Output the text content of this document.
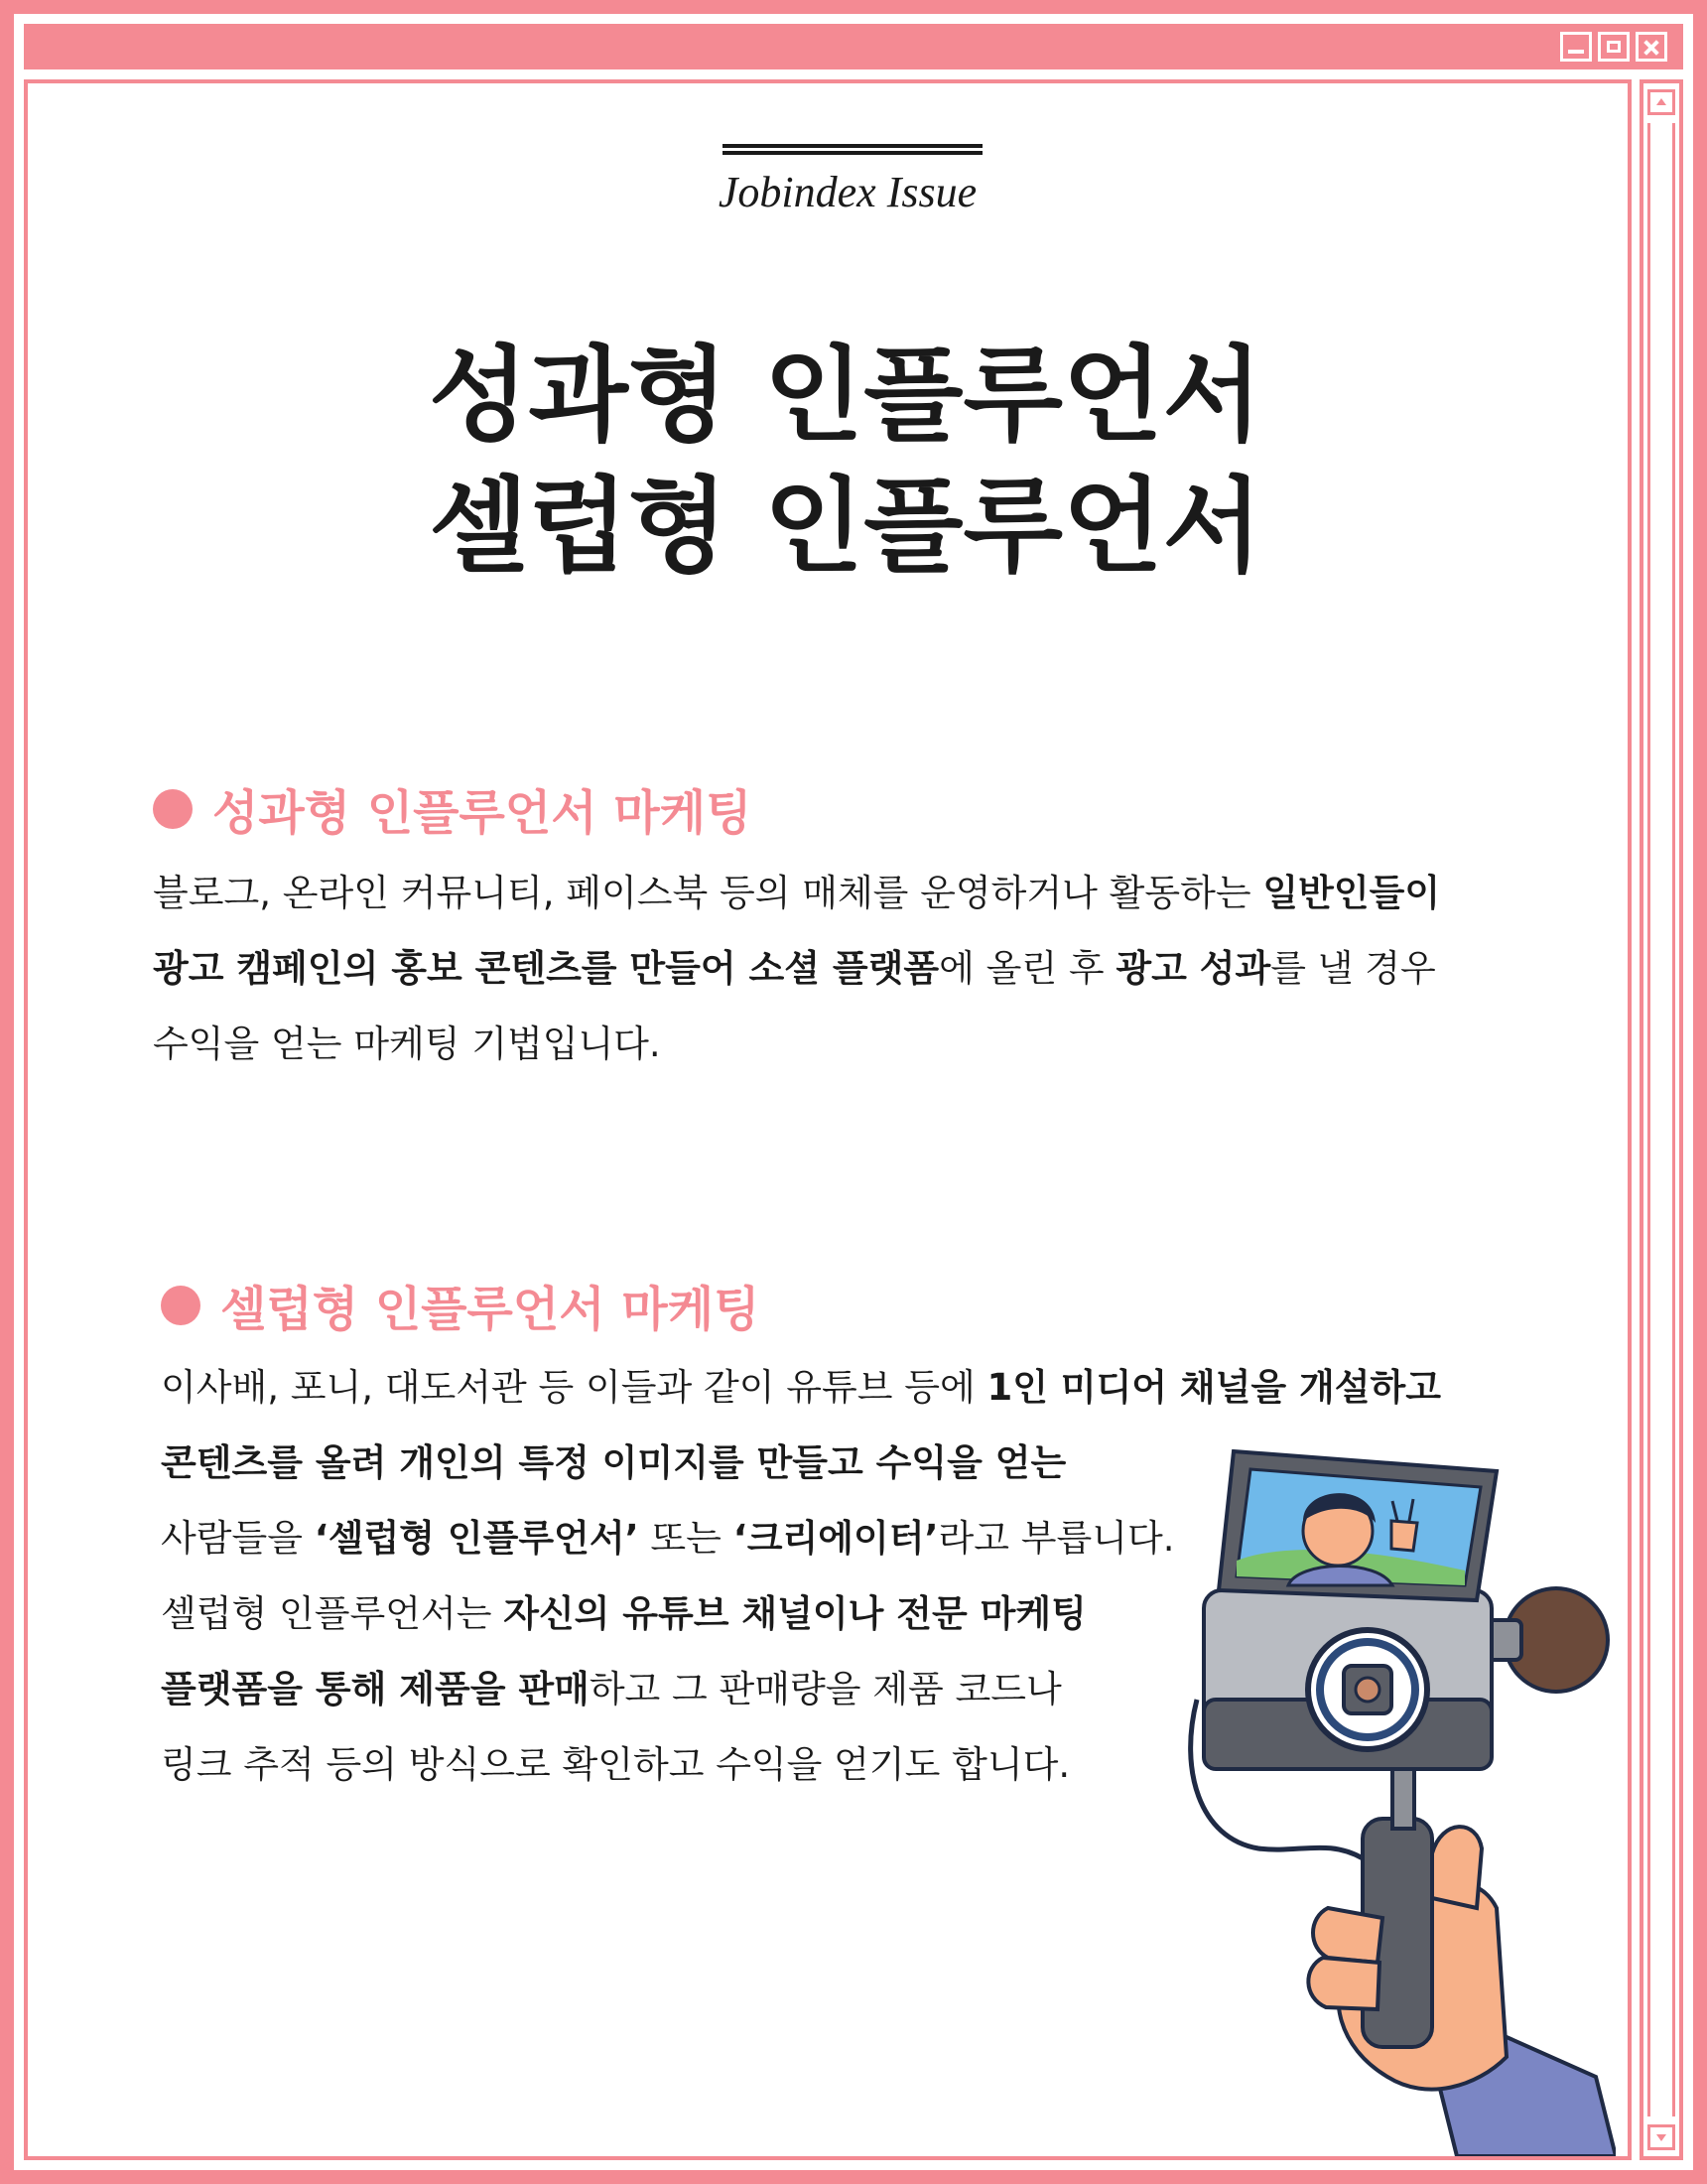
Jobindex Issue
성과형 인플루언서
셀럽형 인플루언서
성과형 인플루언서 마케팅
블로그, 온라인 커뮤니티, 페이스북 등의 매체를 운영하거나 활동하는 일반인들이
광고 캠페인의 홍보 콘텐츠를 만들어 소셜 플랫폼에 올린 후 광고 성과를 낼 경우
수익을 얻는 마케팅 기법입니다.
셀럽형 인플루언서 마케팅
이사배, 포니, 대도서관 등 이들과 같이 유튜브 등에 1인 미디어 채널을 개설하고
콘텐츠를 올려 개인의 특정 이미지를 만들고 수익을 얻는
사람들을 ‘셀럽형 인플루언서’ 또는 ‘크리에이터’라고 부릅니다.
셀럽형 인플루언서는 자신의 유튜브 채널이나 전문 마케팅
플랫폼을 통해 제품을 판매하고 그 판매량을 제품 코드나
링크 추적 등의 방식으로 확인하고 수익을 얻기도 합니다.
